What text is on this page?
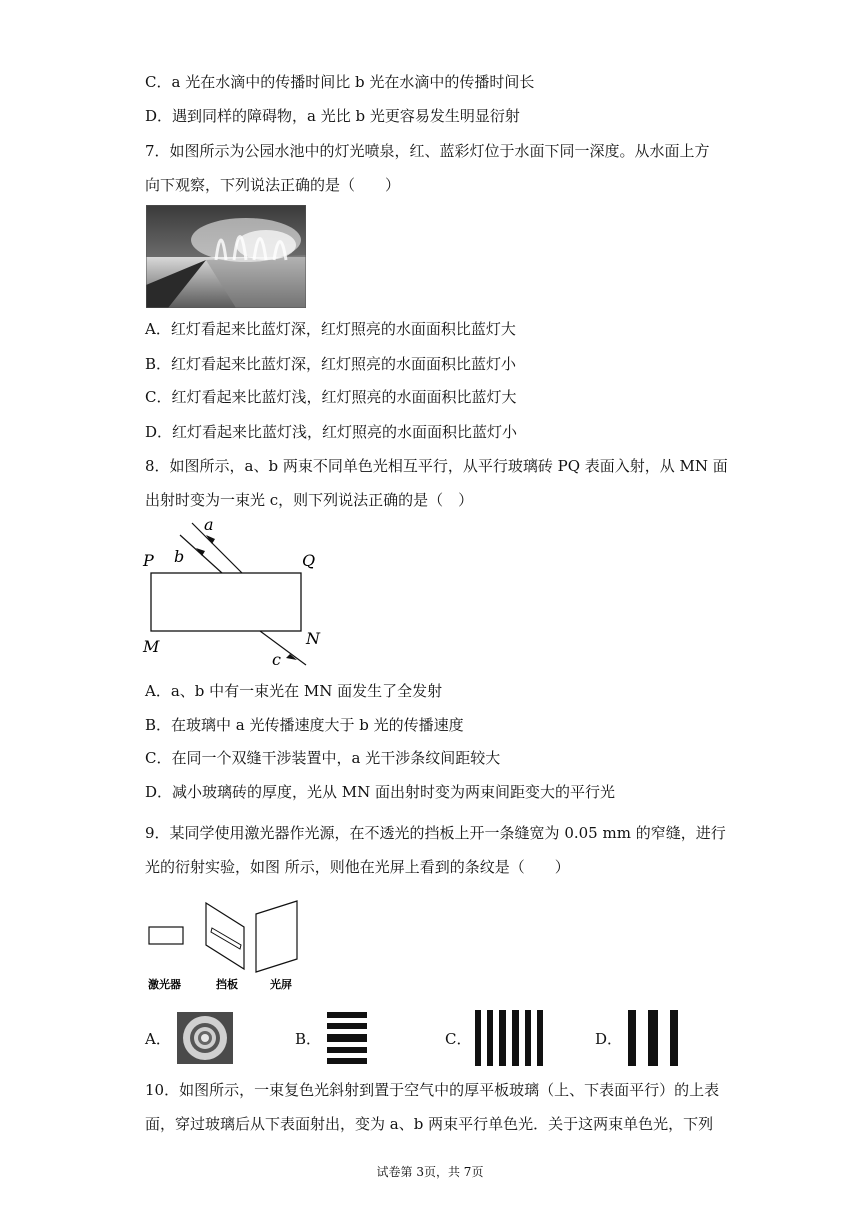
C．a 光在水滴中的传播时间比 b 光在水滴中的传播时间长
D．遇到同样的障碍物，a 光比 b 光更容易发生明显衍射
7．如图所示为公园水池中的灯光喷泉，红、蓝彩灯位于水面下同一深度。从水面上方
向下观察，下列说法正确的是（　　）
A．红灯看起来比蓝灯深，红灯照亮的水面面积比蓝灯大
B．红灯看起来比蓝灯深，红灯照亮的水面面积比蓝灯小
C．红灯看起来比蓝灯浅，红灯照亮的水面面积比蓝灯大
D．红灯看起来比蓝灯浅，红灯照亮的水面面积比蓝灯小
8．如图所示，a、b 两束不同单色光相互平行，从平行玻璃砖 PQ 表面入射，从 MN 面
出射时变为一束光 c，则下列说法正确的是（　）
a
b
P	Q
M	N
c
A．a、b 中有一束光在 MN 面发生了全发射
B．在玻璃中 a 光传播速度大于 b 光的传播速度
C．在同一个双缝干涉装置中，a 光干涉条纹间距较大
D．减小玻璃砖的厚度，光从 MN 面出射时变为两束间距变大的平行光
9．某同学使用激光器作光源，在不透光的挡板上开一条缝宽为 0.05 mm 的窄缝，进行
光的衍射实验，如图 所示，则他在光屏上看到的条纹是（　　）
激光器	挡板	光屏
A．	B．	C．	D．
10．如图所示，一束复色光斜射到置于空气中的厚平板玻璃（上、下表面平行）的上表
面，穿过玻璃后从下表面射出，变为 a、b 两束平行单色光．关于这两束单色光，下列
试卷第 3页，共 7页
